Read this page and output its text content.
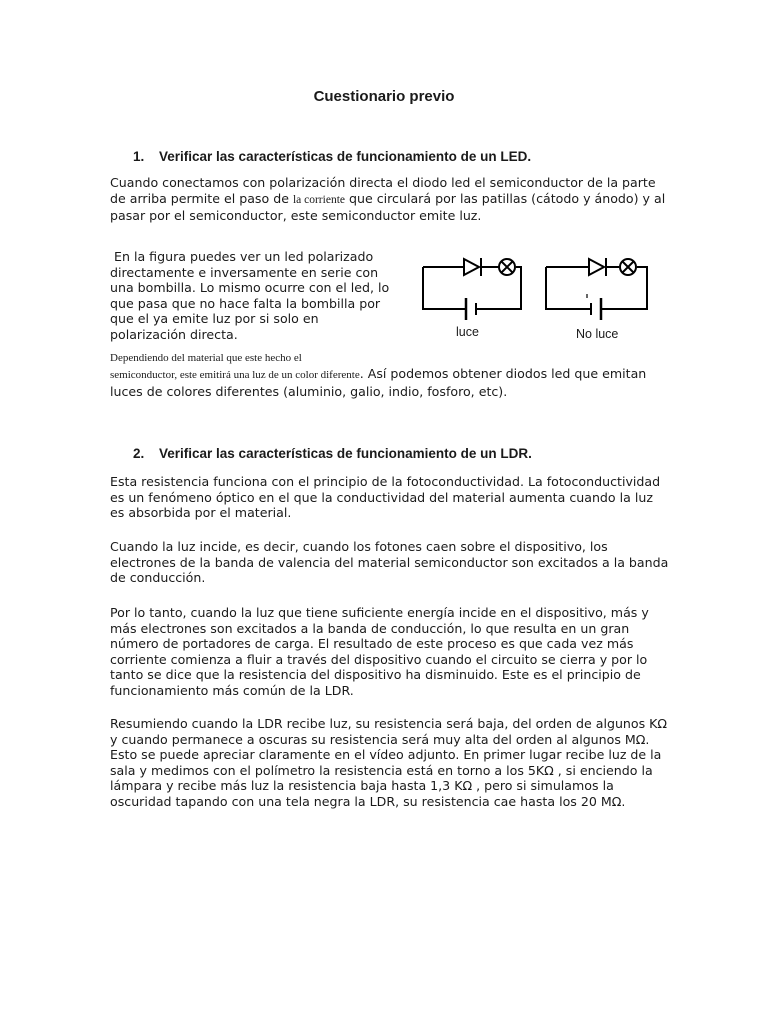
Cuestionario previo
1. Verificar las características de funcionamiento de un LED.

Cuando conectamos con polarización directa el diodo led el semiconductor de la parte de arriba permite el paso de la corriente que circulará por las patillas (cátodo y ánodo) y al pasar por el semiconductor, este semiconductor emite luz.

En la figura puedes ver un led polarizado directamente e inversamente en serie con una bombilla. Lo mismo ocurre con el led, lo que pasa que no hace falta la bombilla por que el ya emite luz por si solo en polarización directa.	luce	No luce
Dependiendo del material que este hecho el

semiconductor, este emitirá una luz de un color diferente. Así podemos obtener diodos led que emitan luces de colores diferentes (aluminio, galio, indio, fosforo, etc).

2. Verificar las características de funcionamiento de un LDR.

Esta resistencia funciona con el principio de la fotoconductividad. La fotoconductividad es un fenómeno óptico en el que la conductividad del material aumenta cuando la luz es absorbida por el material.

Cuando la luz incide, es decir, cuando los fotones caen sobre el dispositivo, los electrones de la banda de valencia del material semiconductor son excitados a la banda de conducción.

Por lo tanto, cuando la luz que tiene suficiente energía incide en el dispositivo, más y más electrones son excitados a la banda de conducción, lo que resulta en un gran número de portadores de carga. El resultado de este proceso es que cada vez más corriente comienza a fluir a través del dispositivo cuando el circuito se cierra y por lo tanto se dice que la resistencia del dispositivo ha disminuido. Este es el principio de funcionamiento más común de la LDR.

Resumiendo cuando la LDR recibe luz, su resistencia será baja, del orden de algunos KΩ y cuando permanece a oscuras su resistencia será muy alta del orden al algunos MΩ. Esto se puede apreciar claramente en el vídeo adjunto. En primer lugar recibe luz de la sala y medimos con el polímetro la resistencia está en torno a los 5KΩ , si enciendo la lámpara y recibe más luz la resistencia baja hasta 1,3 KΩ , pero si simulamos la oscuridad tapando con una tela negra la LDR, su resistencia cae hasta los 20 MΩ.
